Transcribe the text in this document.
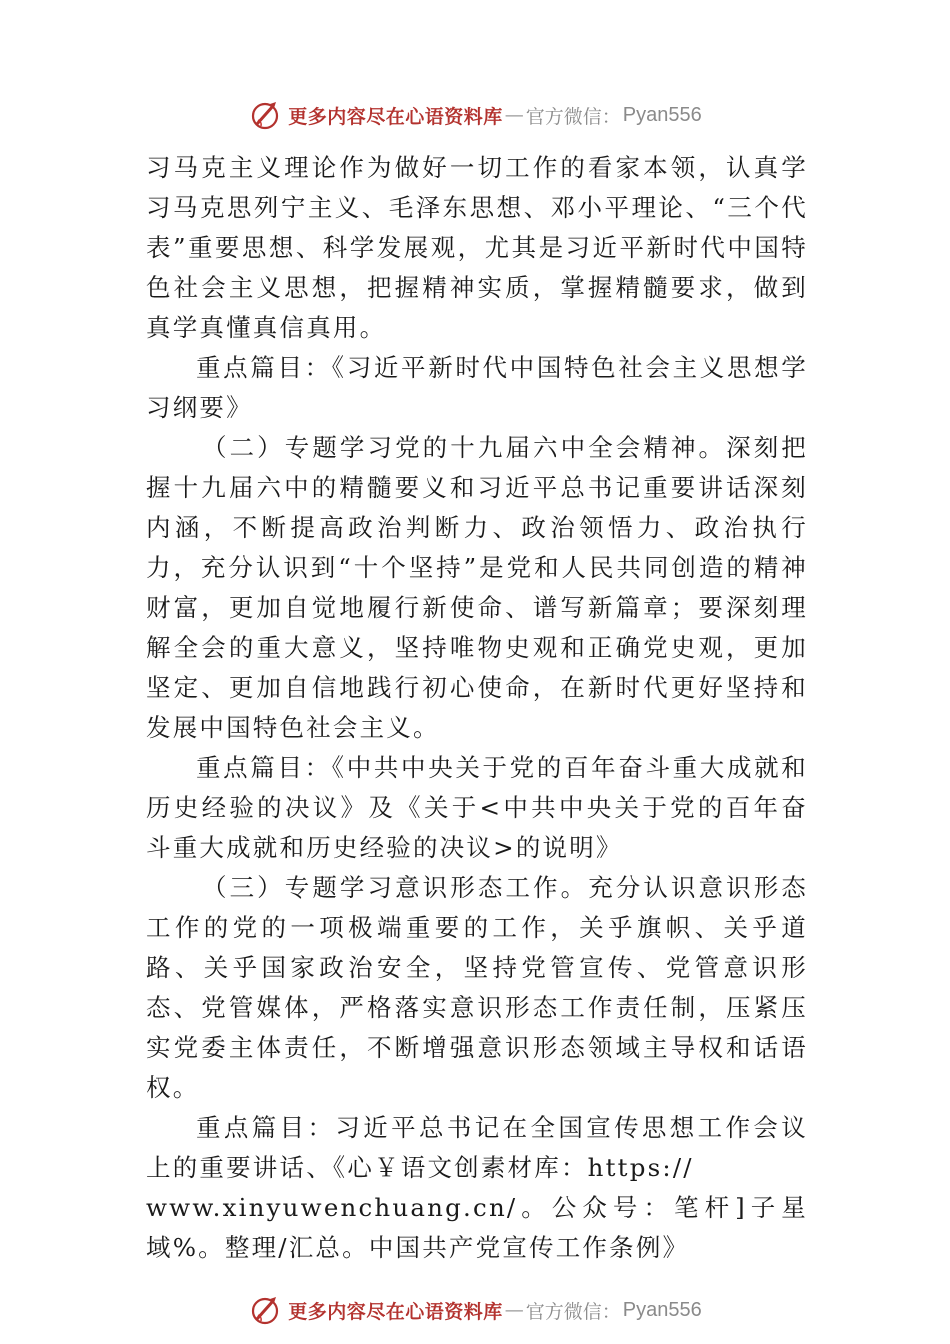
更多内容尽在心语资料库 — 官方微信： Pyan556

习马克主义理论作为做好一切工作的看家本领，认真学习马克思列宁主义、毛泽东思想、邓小平理论、“三个代表”重要思想、科学发展观，尤其是习近平新时代中国特色社会主义思想，把握精神实质，掌握精髓要求，做到真学真懂真信真用。

重点篇目：《习近平新时代中国特色社会主义思想学习纲要》

（二）专题学习党的十九届六中全会精神。深刻把握十九届六中的精髓要义和习近平总书记重要讲话深刻内涵，不断提高政治判断力、政治领悟力、政治执行力，充分认识到“十个坚持”是党和人民共同创造的精神财富，更加自觉地履行新使命、谱写新篇章；要深刻理解全会的重大意义，坚持唯物史观和正确党史观，更加坚定、更加自信地践行初心使命，在新时代更好坚持和发展中国特色社会主义。

重点篇目：《中共中央关于党的百年奋斗重大成就和历史经验的决议》及《关于<中共中央关于党的百年奋斗重大成就和历史经验的决议>的说明》

（三）专题学习意识形态工作。充分认识意识形态工作的党的一项极端重要的工作，关乎旗帜、关乎道路、关乎国家政治安全，坚持党管宣传、党管意识形态、党管媒体，严格落实意识形态工作责任制，压紧压实党委主体责任，不断增强意识形态领域主导权和话语权。

重点篇目：习近平总书记在全国宣传思想工作会议上的重要讲话、《心￥语文创素材库：https://

www.xinyuwenchuang.cn/。公众号：笔杆]子星域%。整理/汇总。中国共产党宣传工作条例》

更多内容尽在心语资料库 — 官方微信： Pyan556
